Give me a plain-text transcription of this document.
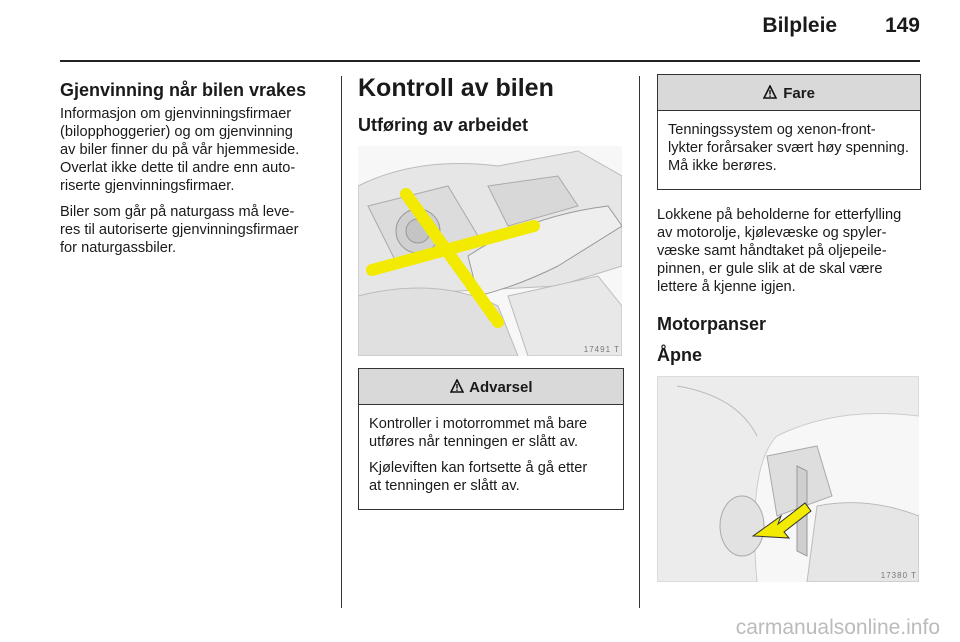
Bilpleie 149
Gjenvinning når bilen vrakes

Informasjon om gjenvinningsfirmaer
(bilopphoggerier) og om gjenvinning
av biler finner du på vår hjemmeside.
Overlat ikke dette til andre enn auto-
riserte gjenvinningsfirmaer.

Biler som går på naturgass må leve-
res til autoriserte gjenvinningsfirmaer
for naturgassbiler.

Kontroll av bilen
Utføring av arbeidet
17491 T
Advarsel

Kontroller i motorrommet må bare
utføres når tenningen er slått av.

Kjøleviften kan fortsette å gå etter
at tenningen er slått av.

Fare

Tenningssystem og xenon-front-
lykter forårsaker svært høy spenning.
Må ikke berøres.

Lokkene på beholderne for etterfylling
av motorolje, kjølevæske og spyler-
væske samt håndtaket på oljepeile-
pinnen, er gule slik at de skal være
lettere å kjenne igjen.

Motorpanser
Åpne
17380 T
carmanualsonline.info
